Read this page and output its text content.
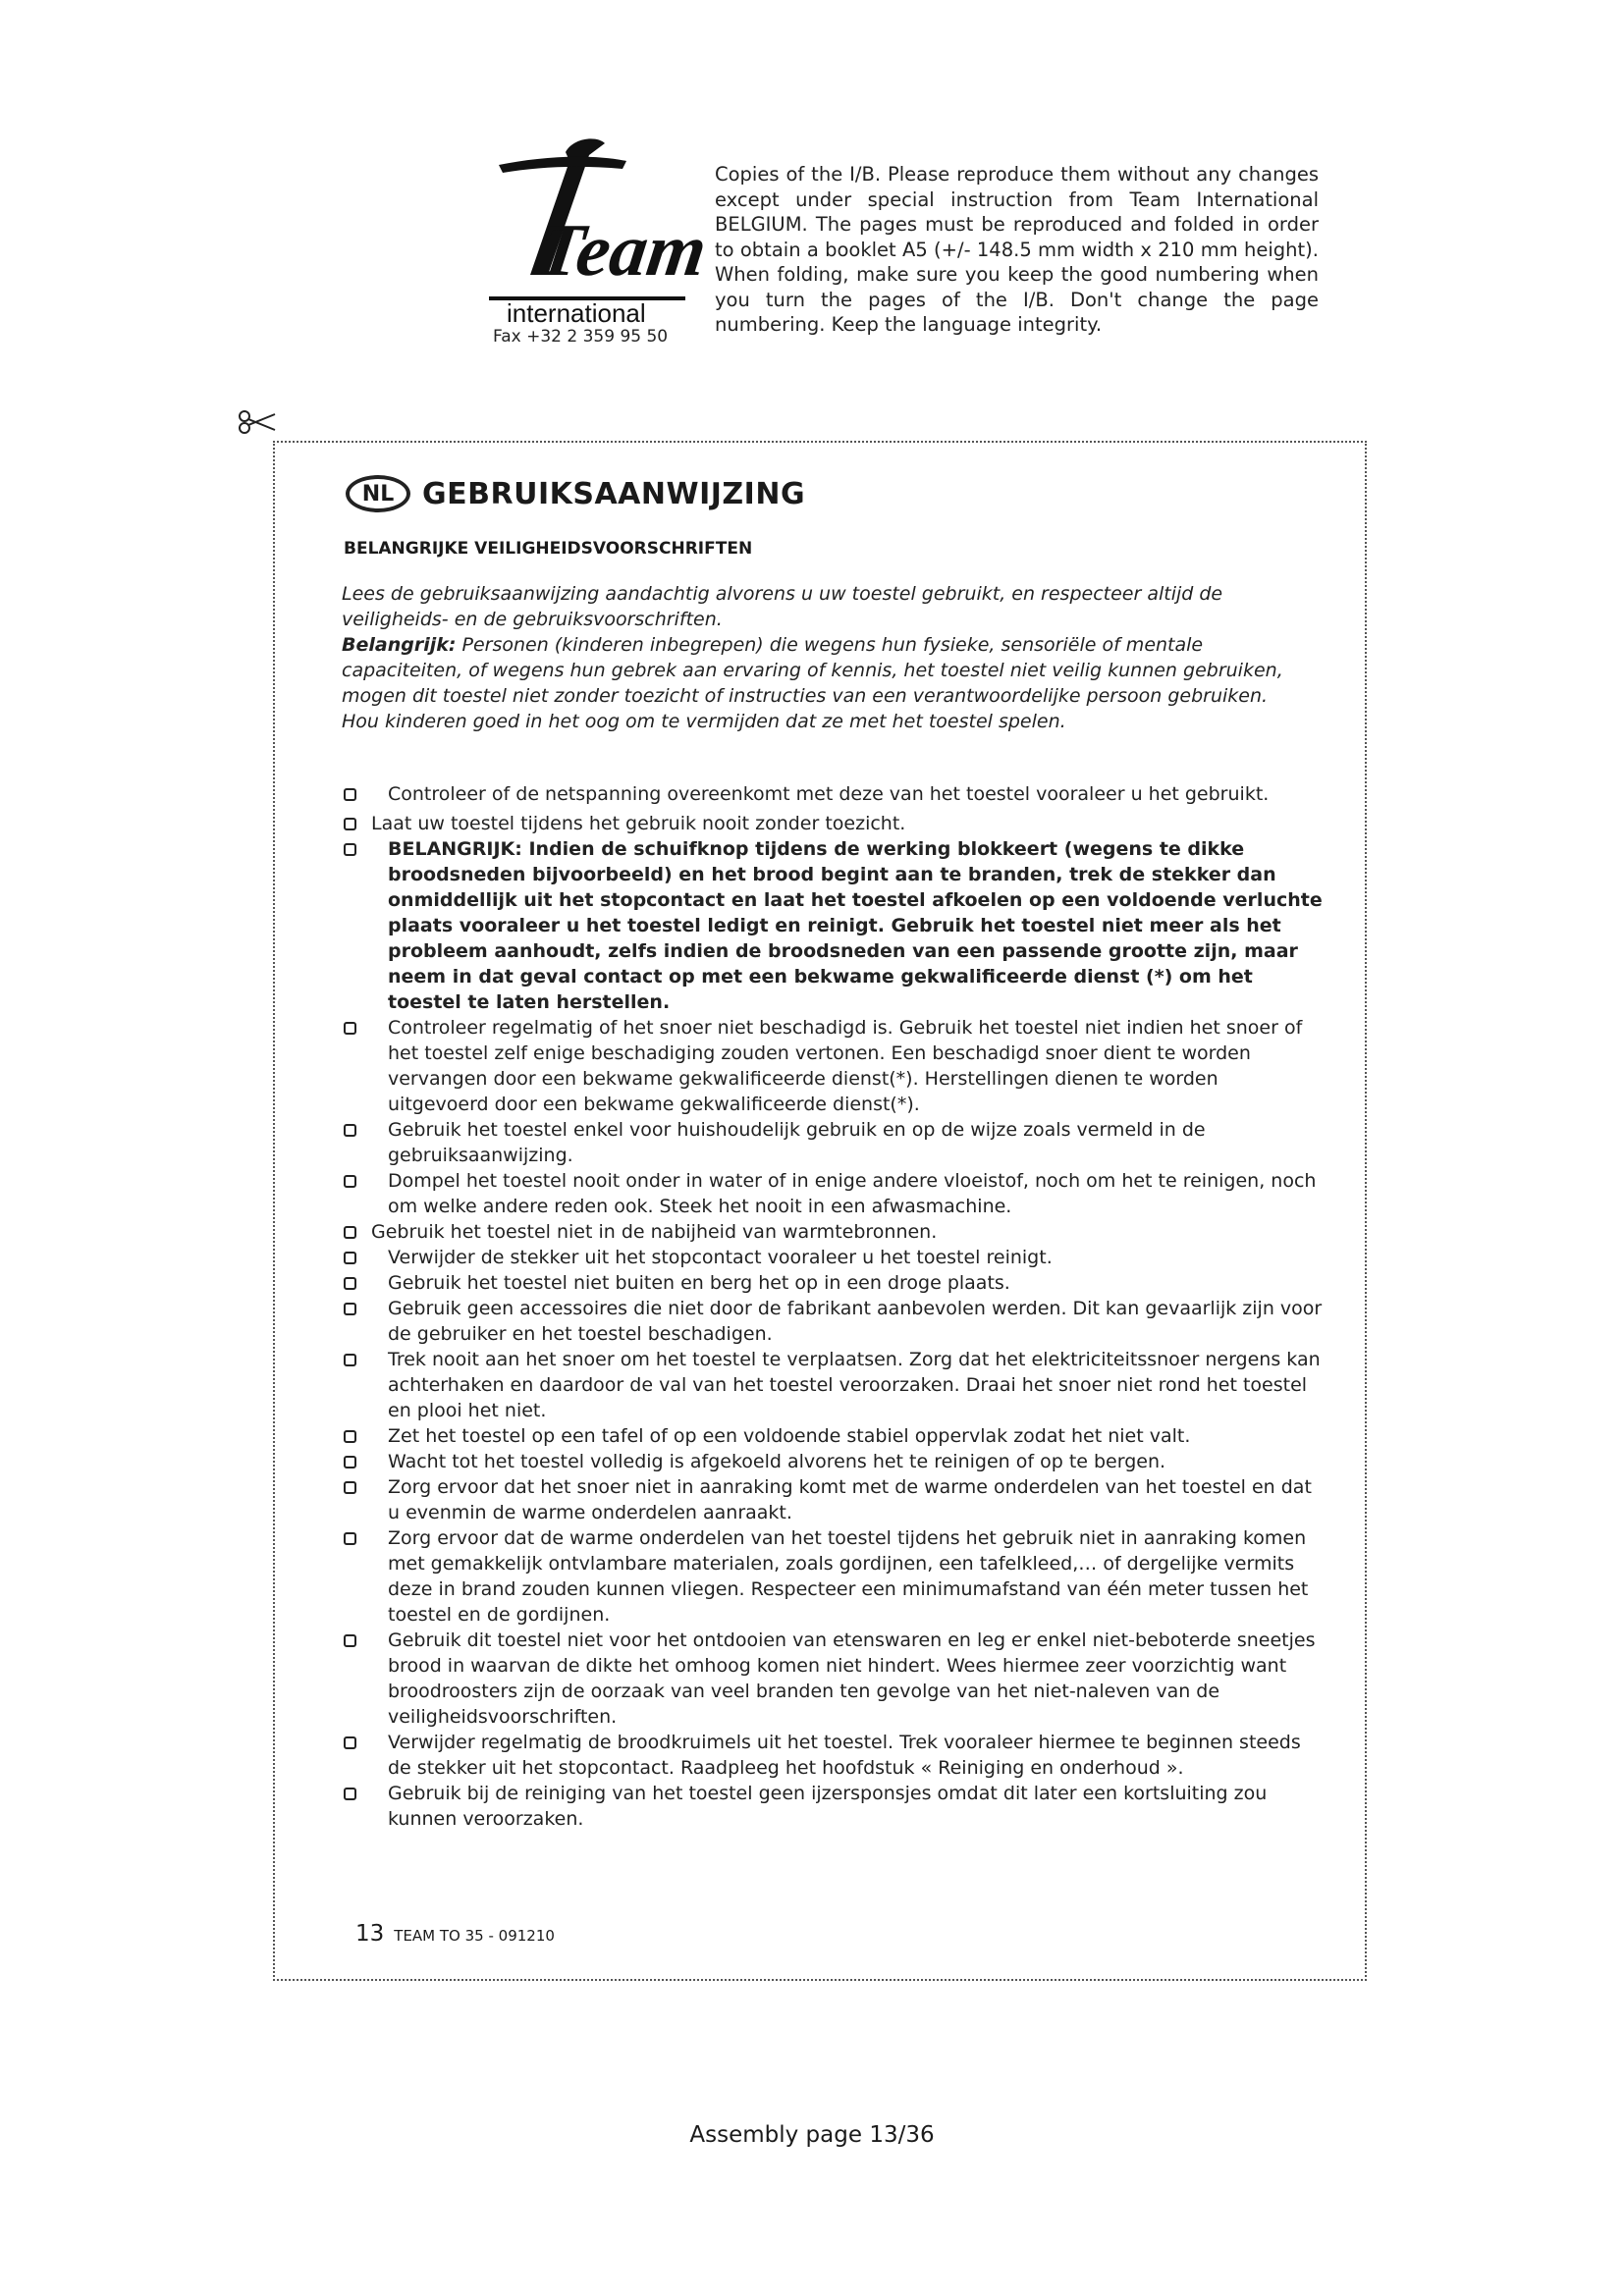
Team
international
Fax +32 2 359 95 50
Copies of the I/B. Please reproduce them without any changes except under special instruction from Team International BELGIUM. The pages must be reproduced and folded in order to obtain a booklet A5 (+/- 148.5 mm width x 210 mm height). When folding, make sure you keep the good numbering when you turn the pages of the I/B. Don't change the page numbering. Keep the language integrity.
NL GEBRUIKSAANWIJZING
BELANGRIJKE VEILIGHEIDSVOORSCHRIFTEN

Lees de gebruiksaanwijzing aandachtig alvorens u uw toestel gebruikt, en respecteer altijd de veiligheids- en de gebruiksvoorschriften.

Belangrijk: Personen (kinderen inbegrepen) die wegens hun fysieke, sensoriële of mentale capaciteiten, of wegens hun gebrek aan ervaring of kennis, het toestel niet veilig kunnen gebruiken, mogen dit toestel niet zonder toezicht of instructies van een verantwoordelijke persoon gebruiken. Hou kinderen goed in het oog om te vermijden dat ze met het toestel spelen.

Controleer of de netspanning overeenkomt met deze van het toestel vooraleer u het gebruikt.
Laat uw toestel tijdens het gebruik nooit zonder toezicht.
BELANGRIJK: Indien de schuifknop tijdens de werking blokkeert (wegens te dikke broodsneden bijvoorbeeld) en het brood begint aan te branden, trek de stekker dan onmiddellijk uit het stopcontact en laat het toestel afkoelen op een voldoende verluchte plaats vooraleer u het toestel ledigt en reinigt. Gebruik het toestel niet meer als het probleem aanhoudt, zelfs indien de broodsneden van een passende grootte zijn, maar neem in dat geval contact op met een bekwame gekwalificeerde dienst (*) om het toestel te laten herstellen.
Controleer regelmatig of het snoer niet beschadigd is. Gebruik het toestel niet indien het snoer of het toestel zelf enige beschadiging zouden vertonen. Een beschadigd snoer dient te worden vervangen door een bekwame gekwalificeerde dienst(*). Herstellingen dienen te worden uitgevoerd door een bekwame gekwalificeerde dienst(*).
Gebruik het toestel enkel voor huishoudelijk gebruik en op de wijze zoals vermeld in de gebruiksaanwijzing.
Dompel het toestel nooit onder in water of in enige andere vloeistof, noch om het te reinigen, noch om welke andere reden ook. Steek het nooit in een afwasmachine.
Gebruik het toestel niet in de nabijheid van warmtebronnen.
Verwijder de stekker uit het stopcontact vooraleer u het toestel reinigt.
Gebruik het toestel niet buiten en berg het op in een droge plaats.
Gebruik geen accessoires die niet door de fabrikant aanbevolen werden. Dit kan gevaarlijk zijn voor de gebruiker en het toestel beschadigen.
Trek nooit aan het snoer om het toestel te verplaatsen. Zorg dat het elektriciteitssnoer nergens kan achterhaken en daardoor de val van het toestel veroorzaken. Draai het snoer niet rond het toestel en plooi het niet.
Zet het toestel op een tafel of op een voldoende stabiel oppervlak zodat het niet valt.
Wacht tot het toestel volledig is afgekoeld alvorens het te reinigen of op te bergen.
Zorg ervoor dat het snoer niet in aanraking komt met de warme onderdelen van het toestel en dat u evenmin de warme onderdelen aanraakt.
Zorg ervoor dat de warme onderdelen van het toestel tijdens het gebruik niet in aanraking komen met gemakkelijk ontvlambare materialen, zoals gordijnen, een tafelkleed,… of dergelijke vermits deze in brand zouden kunnen vliegen. Respecteer een minimumafstand van één meter tussen het toestel en de gordijnen.
Gebruik dit toestel niet voor het ontdooien van etenswaren en leg er enkel niet-beboterde sneetjes brood in waarvan de dikte het omhoog komen niet hindert. Wees hiermee zeer voorzichtig want broodroosters zijn de oorzaak van veel branden ten gevolge van het niet-naleven van de veiligheidsvoorschriften.
Verwijder regelmatig de broodkruimels uit het toestel. Trek vooraleer hiermee te beginnen steeds de stekker uit het stopcontact. Raadpleeg het hoofdstuk « Reiniging en onderhoud ».
Gebruik bij de reiniging van het toestel geen ijzersponsjes omdat dit later een kortsluiting zou kunnen veroorzaken.
13 TEAM TO 35 - 091210
Assembly page 13/36
